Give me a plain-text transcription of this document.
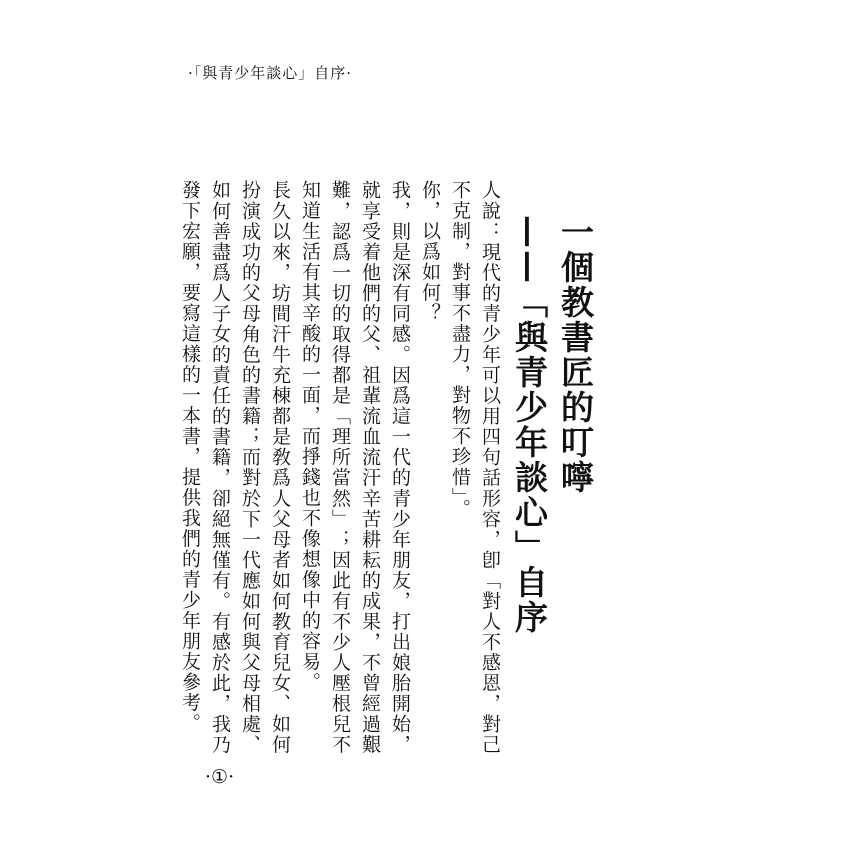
·「與青少年談心」自序·
一個教書匠的叮嚀
——「與青少年談心」自序

人說：現代的青少年可以用四句話形容，卽「對人不感恩，對己不克制，對事不盡力，對物不珍惜」。

你，以爲如何？

我，則是深有同感。因爲這一代的青少年朋友，打出娘胎開始，就享受着他們的父、祖輩流血流汗辛苦耕耘的成果，不曾經過艱難，認爲一切的取得都是「理所當然」；因此有不少人壓根兒不知道生活有其辛酸的一面，而掙錢也不像想像中的容易。

長久以來，坊間汗牛充棟都是敎爲人父母者如何教育兒女、如何扮演成功的父母角色的書籍；而對於下一代應如何與父母相處、如何善盡爲人子女的責任的書籍，卻絕無僅有。有感於此，我乃發下宏願，要寫這樣的一本書，提供我們的青少年朋友參考。

·①·
